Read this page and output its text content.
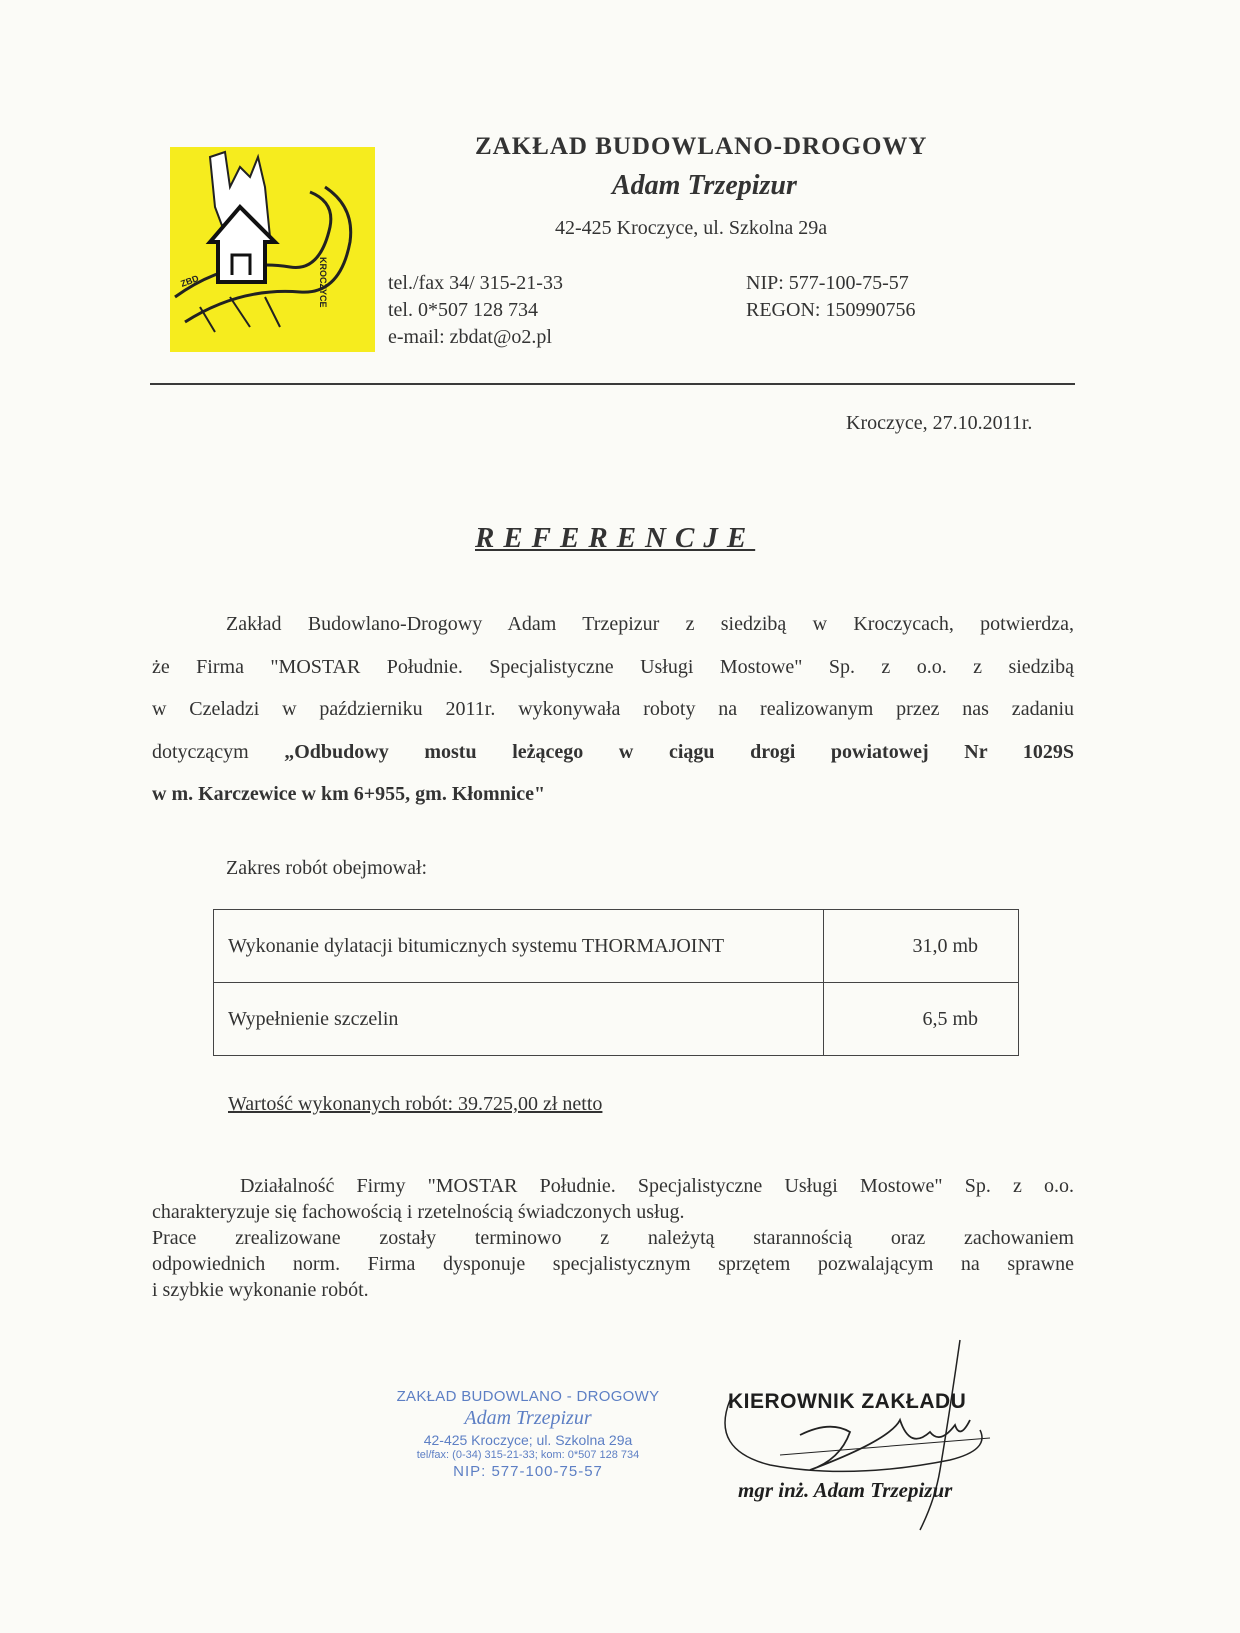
KROCZYCE
ZBD
ZAKŁAD BUDOWLANO-DROGOWY
Adam Trzepizur
42-425 Kroczyce, ul. Szkolna 29a
tel./fax 34/ 315-21-33
tel. 0*507 128 734
e-mail: zbdat@o2.pl
NIP: 577-100-75-57
REGON: 150990756
Kroczyce, 27.10.2011r.
REFERENCJE
Zakład Budowlano-Drogowy Adam Trzepizur z siedzibą w Kroczycach, potwierdza,
że Firma "MOSTAR Południe. Specjalistyczne Usługi Mostowe" Sp. z o.o. z siedzibą
w Czeladzi w październiku 2011r. wykonywała roboty na realizowanym przez nas zadaniu
dotyczącym „Odbudowy mostu leżącego w ciągu drogi powiatowej Nr 1029S
w m. Karczewice w km 6+955, gm. Kłomnice"
Zakres robót obejmował:
Wykonanie dylatacji bitumicznych systemu THORMAJOINT	31,0 mb
Wypełnienie szczelin	6,5 mb
Wartość wykonanych robót: 39.725,00 zł netto
Działalność Firmy "MOSTAR Południe. Specjalistyczne Usługi Mostowe" Sp. z o.o.
charakteryzuje się fachowością i rzetelnością świadczonych usług.
Prace zrealizowane zostały terminowo z należytą starannością oraz zachowaniem
odpowiednich norm. Firma dysponuje specjalistycznym sprzętem pozwalającym na sprawne
i szybkie wykonanie robót.
ZAKŁAD BUDOWLANO - DROGOWY
Adam Trzepizur
42-425 Kroczyce; ul. Szkolna 29a
tel/fax: (0-34) 315-21-33; kom: 0*507 128 734
NIP: 577-100-75-57
KIEROWNIK ZAKŁADU
mgr inż. Adam Trzepizur
